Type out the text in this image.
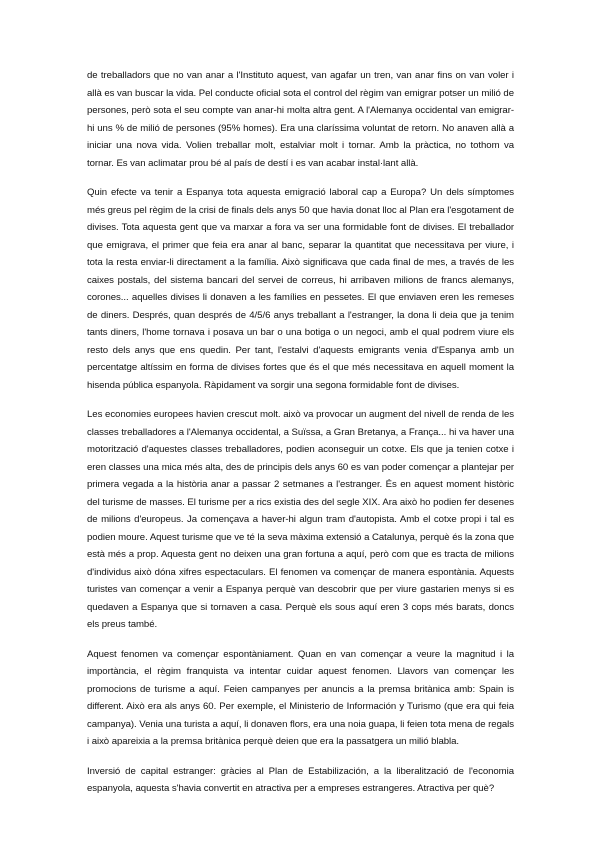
de treballadors que no van anar a l'Instituto aquest, van agafar un tren, van anar fins on van voler i allà es van buscar la vida. Pel conducte oficial sota el control del règim van emigrar potser un milió de persones, però sota el seu compte van anar-hi molta altra gent. A l'Alemanya occidental van emigrar-hi uns % de milió de persones (95% homes). Era una claríssima voluntat de retorn. No anaven allà a iniciar una nova vida. Volien treballar molt, estalviar molt i tornar. Amb la pràctica, no tothom va tornar. Es van aclimatar prou bé al país de destí i es van acabar instal·lant allà.

Quin efecte va tenir a Espanya tota aquesta emigració laboral cap a Europa? Un dels símptomes més greus pel règim de la crisi de finals dels anys 50 que havia donat lloc al Plan era l'esgotament de divises. Tota aquesta gent que va marxar a fora va ser una formidable font de divises. El treballador que emigrava, el primer que feia era anar al banc, separar la quantitat que necessitava per viure, i tota la resta enviar-li directament a la família. Això significava que cada final de mes, a través de les caixes postals, del sistema bancari del servei de correus, hi arribaven milions de francs alemanys, corones... aquelles divises li donaven a les famílies en pessetes. El que enviaven eren les remeses de diners. Després, quan després de 4/5/6 anys treballant a l'estranger, la dona li deia que ja tenim tants diners, l'home tornava i posava un bar o una botiga o un negoci, amb el qual podrem viure els resto dels anys que ens quedin. Per tant, l'estalvi d'aquests emigrants venia d'Espanya amb un percentatge altíssim en forma de divises fortes que és el que més necessitava en aquell moment la hisenda pública espanyola. Ràpidament va sorgir una segona formidable font de divises.

Les economies europees havien crescut molt. això va provocar un augment del nivell de renda de les classes treballadores a l'Alemanya occidental, a Suïssa, a Gran Bretanya, a França... hi va haver una motorització d'aquestes classes treballadores, podien aconseguir un cotxe. Els que ja tenien cotxe i eren classes una mica més alta, des de principis dels anys 60 es van poder començar a plantejar per primera vegada a la història anar a passar 2 setmanes a l'estranger. És en aquest moment històric del turisme de masses. El turisme per a rics existia des del segle XIX. Ara això ho podien fer desenes de milions d'europeus. Ja començava a haver-hi algun tram d'autopista. Amb el cotxe propi i tal es podien moure. Aquest turisme que ve té la seva màxima extensió a Catalunya, perquè és la zona que està més a prop. Aquesta gent no deixen una gran fortuna a aquí, però com que es tracta de milions d'individus això dóna xifres espectaculars. El fenomen va començar de manera espontània. Aquests turistes van començar a venir a Espanya perquè van descobrir que per viure gastarien menys si es quedaven a Espanya que si tornaven a casa. Perquè els sous aquí eren 3 cops més barats, doncs els preus també.

Aquest fenomen va començar espontàniament. Quan en van començar a veure la magnitud i la importància, el règim franquista va intentar cuidar aquest fenomen. Llavors van començar les promocions de turisme a aquí. Feien campanyes per anuncis a la premsa britànica amb: Spain is different. Això era als anys 60. Per exemple, el Ministerio de Información y Turismo (que era qui feia campanya). Venia una turista a aquí, li donaven flors, era una noia guapa, li feien tota mena de regals i això apareixia a la premsa britànica perquè deien que era la passatgera un milió blabla.

Inversió de capital estranger: gràcies al Plan de Estabilización, a la liberalització de l'economia espanyola, aquesta s'havia convertit en atractiva per a empreses estrangeres. Atractiva per què?
